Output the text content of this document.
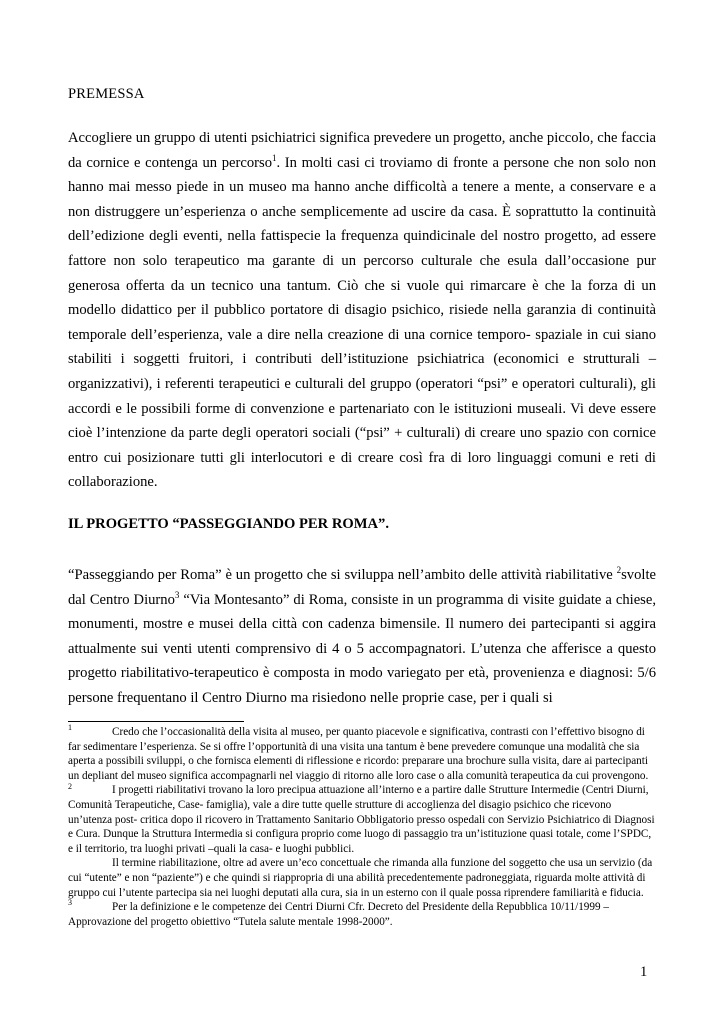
PREMESSA

Accogliere un gruppo di utenti psichiatrici significa prevedere un progetto, anche piccolo, che faccia da cornice e contenga un percorso$^1$. In molti casi ci troviamo di fronte a persone che non solo non hanno mai messo piede in un museo ma hanno anche difficoltà a tenere a mente, a conservare e a non distruggere un’esperienza o anche semplicemente ad uscire da casa. È soprattutto la continuità dell’edizione degli eventi, nella fattispecie la frequenza quindicinale del nostro progetto, ad essere fattore non solo terapeutico ma garante di un percorso culturale che esula dall’occasione pur generosa offerta da un tecnico una tantum. Ciò che si vuole qui rimarcare è che la forza di un modello didattico per il pubblico portatore di disagio psichico, risiede nella garanzia di continuità temporale dell’esperienza, vale a dire nella creazione di una cornice temporo- spaziale in cui siano stabiliti i soggetti fruitori, i contributi dell’istituzione psichiatrica (economici e strutturali – organizzativi), i referenti terapeutici e culturali del gruppo (operatori “psi” e operatori culturali), gli accordi e le possibili forme di convenzione e partenariato con le istituzioni museali. Vi deve essere cioè l’intenzione da parte degli operatori sociali (“psi” + culturali) di creare uno spazio con cornice entro cui posizionare tutti gli interlocutori e di creare così fra di loro linguaggi comuni e reti di collaborazione.

IL PROGETTO “PASSEGGIANDO PER ROMA”.

“Passeggiando per Roma” è un progetto che si sviluppa nell’ambito delle attività riabilitative $^2$svolte dal Centro Diurno$^3$ “Via Montesanto” di Roma, consiste in un programma di visite guidate a chiese, monumenti, mostre e musei della città con cadenza bimensile. Il numero dei partecipanti si aggira attualmente sui venti utenti comprensivo di 4 o 5 accompagnatori. L’utenza che afferisce a questo progetto riabilitativo-terapeutico è composta in modo variegato per età, provenienza e diagnosi: 5/6 persone frequentano il Centro Diurno ma risiedono nelle proprie case, per i quali si

1	Credo che l’occasionalità della visita al museo, per quanto piacevole e significativa, contrasti con l’effettivo bisogno di far sedimentare l’esperienza. Se si offre l’opportunità di una visita una tantum è bene prevedere comunque una modalità che sia aperta a possibili sviluppi, o che fornisca elementi di riflessione e ricordo: preparare una brochure sulla visita, dare ai partecipanti un depliant del museo significa accompagnarli nel viaggio di ritorno alle loro case o alla comunità terapeutica da cui provengono.

2	I progetti riabilitativi trovano la loro precipua attuazione all’interno e a partire dalle Strutture Intermedie (Centri Diurni, Comunità Terapeutiche, Case- famiglia), vale a dire tutte quelle strutture di accoglienza del disagio psichico che ricevono un’utenza post- critica dopo il ricovero in Trattamento Sanitario Obbligatorio presso ospedali con Servizio Psichiatrico di Diagnosi e Cura. Dunque la Struttura Intermedia si configura proprio come luogo di passaggio tra un’istituzione quasi totale, come l’SPDC, e il territorio, tra luoghi privati –quali la casa- e luoghi pubblici.

Il termine riabilitazione, oltre ad avere un’eco concettuale che rimanda alla funzione del soggetto che usa un servizio (da cui “utente” e non “paziente”) e che quindi si riappropria di una abilità precedentemente padroneggiata, riguarda molte attività di gruppo cui l’utente partecipa sia nei luoghi deputati alla cura, sia in un esterno con il quale possa riprendere familiarità e fiducia.

3	Per la definizione e le competenze dei Centri Diurni Cfr. Decreto del Presidente della Repubblica 10/11/1999 – Approvazione del progetto obiettivo “Tutela salute mentale 1998-2000”.

1
